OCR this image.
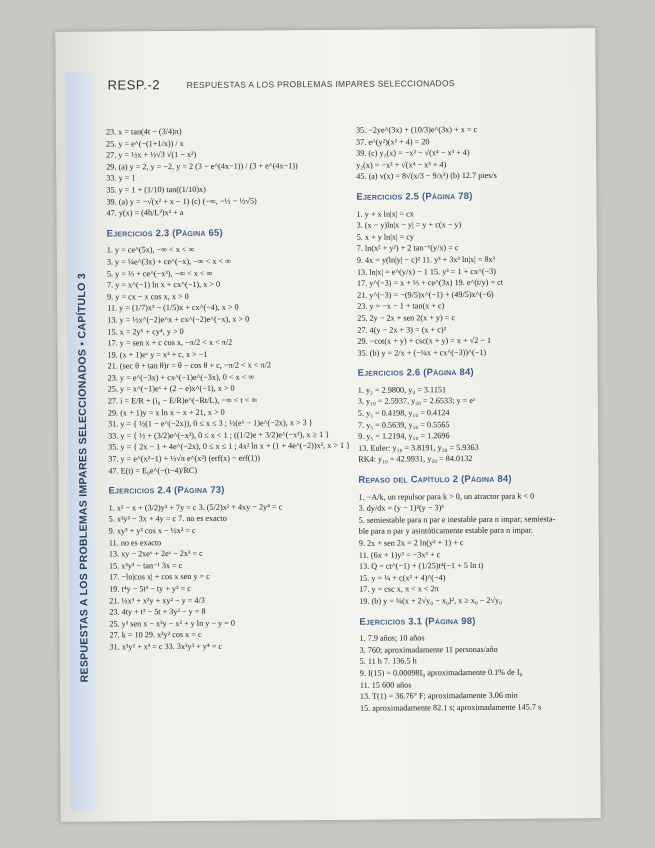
RESPUESTAS A LOS PROBLEMAS IMPARES SELECCIONADOS • CAPÍTULO 3
RESP.-2	RESPUESTAS A LOS PROBLEMAS IMPARES SELECCIONADOS
23. x = tan(4t − (3/4)π)
25. y = e^(−(1+1/x)) / x
27. y = ½x + ½√3 √(1 − x²)
29. (a) y = 2, y = −2, y = 2 (3 − e^(4x−1)) / (3 + e^(4x−1))
33. y = 1
35. y = 1 + (1/10) tan((1/10)x)
39. (a) y = −√(x² + x − 1) (c) (−∞, −½ − ½√5)
47. y(x) = (4h/L²)x² + a
Ejercicios 2.3 (Página 65)
1. y = ce^(5x), −∞ < x < ∞
3. y = ¼e^(3x) + ce^(−x), −∞ < x < ∞
5. y = ⅓ + ce^(−x³), −∞ < x < ∞
7. y = x^(−1) ln x + cx^(−1), x > 0
9. y = cx − x cos x, x > 0
11. y = (1/7)x³ − (1/5)x + cx^(−4), x > 0
13. y = ½x^(−2)e^x + cx^(−2)e^(−x), x > 0
15. x = 2y⁶ + cy⁴, y > 0
17. y = sen x + c cos x, −π/2 < x < π/2
19. (x + 1)eˣ y = x² + c, x > −1
21. (sec θ + tan θ)r = θ − cos θ + c, −π/2 < x < π/2
23. y = e^(−3x) + cx^(−1)e^(−3x), 0 < x < ∞
25. y = x^(−1)eˣ + (2 − e)x^(−1), x > 0
27. i = E/R + (i₀ − E/R)e^(−Rt/L), −∞ < t < ∞
29. (x + 1)y = x ln x − x + 21, x > 0
31. y = { ½(1 − e^(−2x)), 0 ≤ x ≤ 3 ; ½(e⁶ − 1)e^(−2x), x > 3 }
33. y = { ½ + (3/2)e^(−x²), 0 ≤ x < 1 ; ((1/2)e + 3/2)e^(−x²), x ≥ 1 }
35. y = { 2x − 1 + 4e^(−2x), 0 ≤ x ≤ 1 ; 4x² ln x + (1 + 4e^(−2))x², x > 1 }
37. y = e^(x²−1) + ½√π e^(x²) (erf(x) − erf(1))
47. E(t) = E₀e^(−(t−4)/RC)
Ejercicios 2.4 (Página 73)
1. x² − x + (3/2)y² + 7y = c 3. (5/2)x² + 4xy − 2y⁴ = c
5. x²y² − 3x + 4y = c 7. no es exacto
9. xy³ + y² cos x − ½x² = c
11. no es exacto
13. xy − 2xeˣ + 2eˣ − 2x³ = c
15. x³y³ − tan⁻¹ 3x = c
17. −ln|cos x| + cos x sen y = c
19. t⁴y − 5t³ − ty + y³ = c
21. ⅓x³ + x²y + xy² − y = 4/3
23. 4ty + t² − 5t + 3y² − y = 8
25. y² sen x − x³y − x² + y ln y − y = 0
27. k = 10 29. x²y² cos x = c
31. x²y² + x³ = c 33. 3x²y³ + y⁴ = c
35. −2ye^(3x) + (10/3)e^(3x) + x = c
37. e^(y²)(x² + 4) = 20
39. (c) y₁(x) = −x² − √(x⁴ − x³ + 4)
y₂(x) = −x² + √(x⁴ − x³ + 4)
45. (a) v(x) = 8√(x/3 − 9/x²) (b) 12.7 pies/s
Ejercicios 2.5 (Página 78)
1. y + x ln|x| = cx
3. (x − y)ln|x − y| = y + c(x − y)
5. x + y ln|x| = cy
7. ln(x² + y²) + 2 tan⁻¹(y/x) = c
9. 4x = y(ln|y| − c)² 11. y³ + 3x³ ln|x| = 8x³
13. ln|x| = e^(y/x) − 1 15. y³ = 1 + cx^(−3)
17. y^(−3) = x + ⅓ + ce^(3x) 19. e^(t/y) = ct
21. y^(−3) = −(9/5)x^(−1) + (49/5)x^(−6)
23. y = −x − 1 + tan(x + c)
25. 2y − 2x + sen 2(x + y) = c
27. 4(y − 2x + 3) = (x + c)²
29. −cot(x + y) + csc(x + y) = x + √2 − 1
35. (b) y = 2/x + (−¼x + cx^(−3))^(−1)
Ejercicios 2.6 (Página 84)
1. y₂ = 2.9800, y₄ = 3.1151
3. y₁₀ = 2.5937, y₂₀ = 2.6533; y = eˣ
5. y₅ = 0.4198, y₁₀ = 0.4124
7. y₅ = 0.5639, y₁₀ = 0.5565
9. y₅ = 1.2194, y₁₀ = 1.2696
13. Euler: y₁₀ = 3.8191, y₂₀ = 5.9363
RK4: y₁₀ = 42.9931, y₂₀ = 84.0132
Repaso del Capítulo 2 (Página 84)
1. −A/k, un repulsor para k > 0, un atractor para k < 0
3. dy/dx = (y − 1)²(y − 3)³
5. semiestable para n par e inestable para n impar; semiesta-
ble para n par y asintóticamente estable para n impar.
9. 2x + sen 2x = 2 ln(y² + 1) + c
11. (6x + 1)y³ = −3x³ + c
13. Q = ct^(−1) + (1/25)t⁴(−1 + 5 ln t)
15. y = ¼ + c(x² + 4)^(−4)
17. y = csc x, π < x < 2π
19. (b) y = ¼(x + 2√y₀ − x₀)², x ≥ x₀ − 2√y₀
Ejercicios 3.1 (Página 98)
1. 7.9 años; 10 años
3. 760; aproximadamente 11 personas/año
5. 11 h 7. 136.5 h
9. I(15) = 0.00098I₀ aproximadamente 0.1% de I₀
11. 15 600 años
13. T(1) = 36.76° F; aproximadamente 3.06 min
15. aproximadamente 82.1 s; aproximadamente 145.7 s
